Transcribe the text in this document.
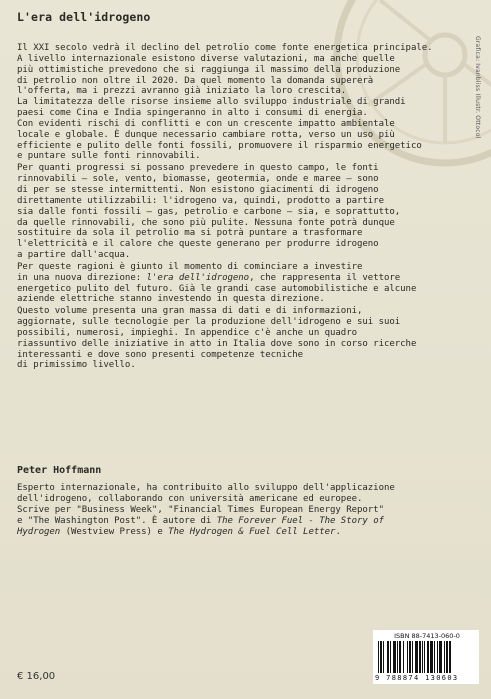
L'era dell'idrogeno
Grafica: Ivanbliss Illustr. Ottocol
Il XXI secolo vedrà il declino del petrolio come fonte energetica principale.
A livello internazionale esistono diverse valutazioni, ma anche quelle
più ottimistiche prevedono che si raggiunga il massimo della produzione
di petrolio non oltre il 2020. Da quel momento la domanda supererà
l'offerta, ma i prezzi avranno già iniziato la loro crescita.
La limitatezza delle risorse insieme allo sviluppo industriale di grandi
paesi come Cina e India spingeranno in alto i consumi di energia.
Con evidenti rischi di conflitti e con un crescente impatto ambientale
locale e globale. È dunque necessario cambiare rotta, verso un uso più
efficiente e pulito delle fonti fossili, promuovere il risparmio energetico
e puntare sulle fonti rinnovabili.
Per quanti progressi si possano prevedere in questo campo, le fonti
rinnovabili – sole, vento, biomasse, geotermia, onde e maree – sono
di per se stesse intermittenti. Non esistono giacimenti di idrogeno
direttamente utilizzabili: l'idrogeno va, quindi, prodotto a partire
sia dalle fonti fossili – gas, petrolio e carbone – sia, e soprattutto,
da quelle rinnovabili, che sono più pulite. Nessuna fonte potrà dunque
sostituire da sola il petrolio ma si potrà puntare a trasformare
l'elettricità e il calore che queste generano per produrre idrogeno
a partire dall'acqua.
Per queste ragioni è giunto il momento di cominciare a investire
in una nuova direzione: l'era dell'idrogeno, che rappresenta il vettore
energetico pulito del futuro. Già le grandi case automobilistiche e alcune
aziende elettriche stanno investendo in questa direzione.
Questo volume presenta una gran massa di dati e di informazioni,
aggiornate, sulle tecnologie per la produzione dell'idrogeno e sui suoi
possibili, numerosi, impieghi. In appendice c'è anche un quadro
riassuntivo delle iniziative in atto in Italia dove sono in corso ricerche
interessanti e dove sono presenti competenze tecniche
di primissimo livello.
Peter Hoffmann
Esperto internazionale, ha contribuito allo sviluppo dell'applicazione
dell'idrogeno, collaborando con università americane ed europee.
Scrive per "Business Week", "Financial Times European Energy Report"
e "The Washington Post". È autore di The Forever Fuel - The Story of
Hydrogen (Westview Press) e The Hydrogen & Fuel Cell Letter.
ISBN 88-7413-060-0
9 788874 130603
€ 16,00
